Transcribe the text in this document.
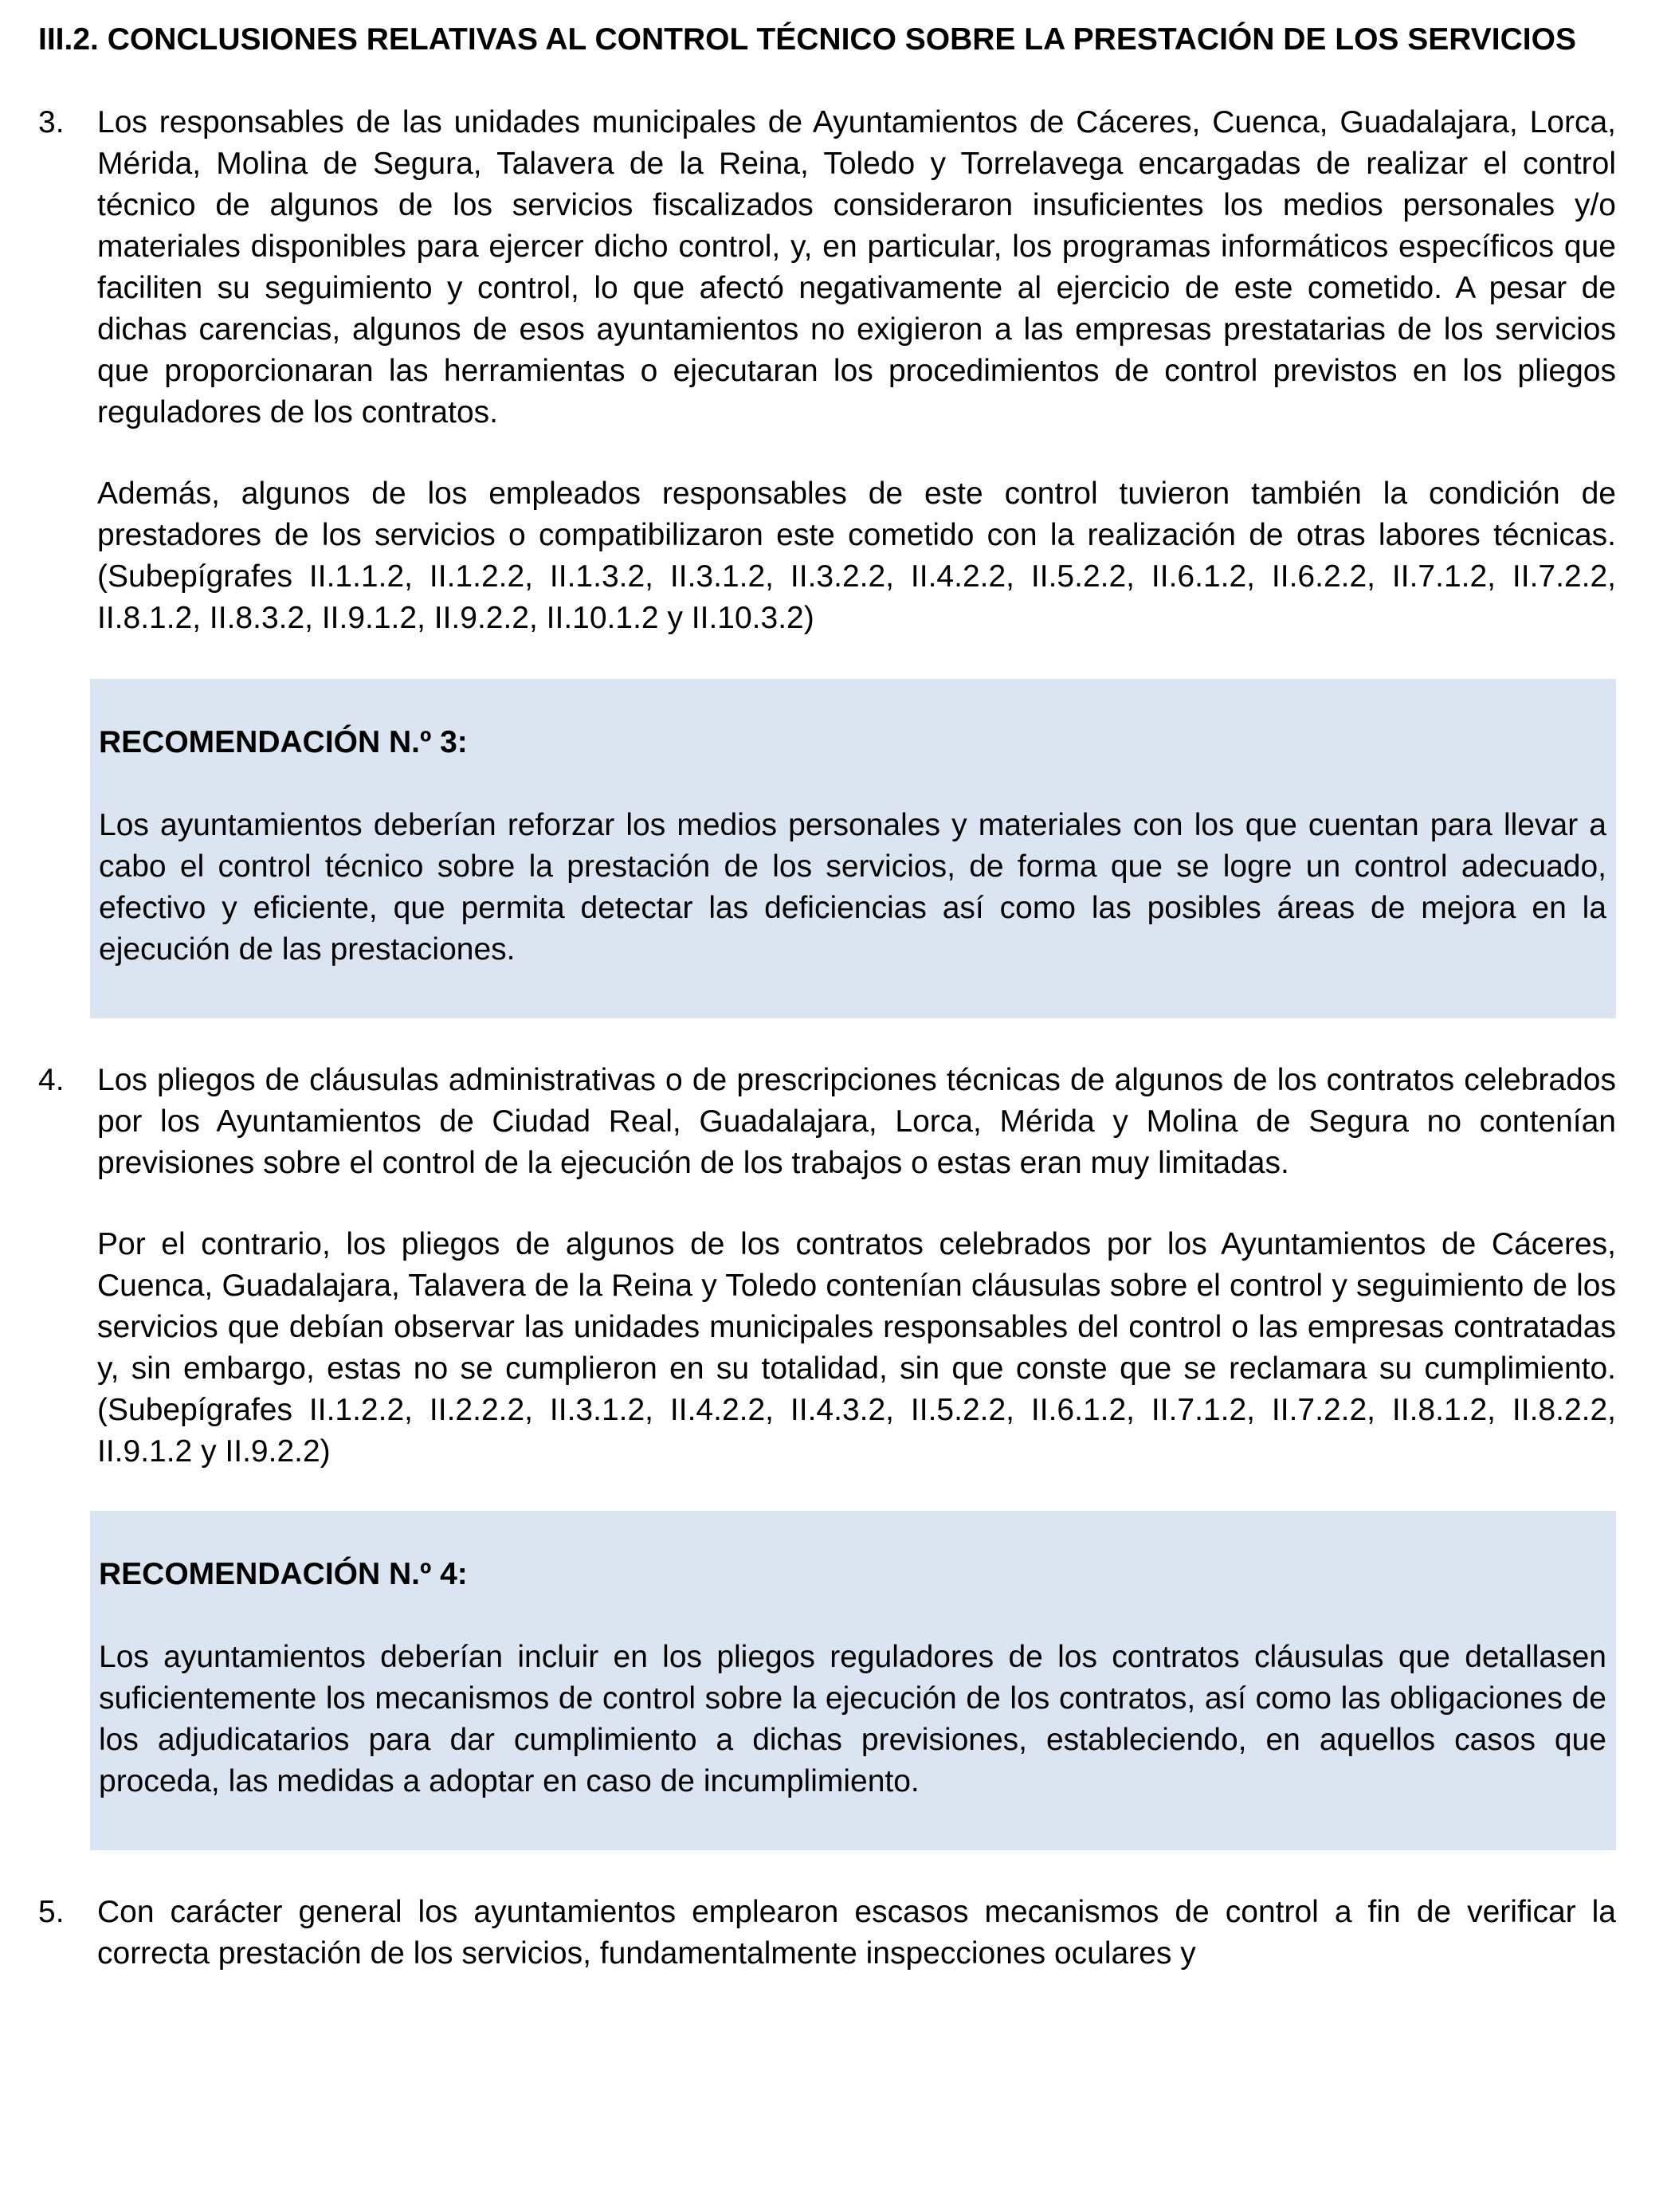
III.2. CONCLUSIONES RELATIVAS AL CONTROL TÉCNICO SOBRE LA PRESTACIÓN DE LOS SERVICIOS
3. Los responsables de las unidades municipales de Ayuntamientos de Cáceres, Cuenca, Guadalajara, Lorca, Mérida, Molina de Segura, Talavera de la Reina, Toledo y Torrelavega encargadas de realizar el control técnico de algunos de los servicios fiscalizados consideraron insuficientes los medios personales y/o materiales disponibles para ejercer dicho control, y, en particular, los programas informáticos específicos que faciliten su seguimiento y control, lo que afectó negativamente al ejercicio de este cometido. A pesar de dichas carencias, algunos de esos ayuntamientos no exigieron a las empresas prestatarias de los servicios que proporcionaran las herramientas o ejecutaran los procedimientos de control previstos en los pliegos reguladores de los contratos.

Además, algunos de los empleados responsables de este control tuvieron también la condición de prestadores de los servicios o compatibilizaron este cometido con la realización de otras labores técnicas. (Subepígrafes II.1.1.2, II.1.2.2, II.1.3.2, II.3.1.2, II.3.2.2, II.4.2.2, II.5.2.2, II.6.1.2, II.6.2.2, II.7.1.2, II.7.2.2, II.8.1.2, II.8.3.2, II.9.1.2, II.9.2.2, II.10.1.2 y II.10.3.2)

RECOMENDACIÓN N.º 3:

Los ayuntamientos deberían reforzar los medios personales y materiales con los que cuentan para llevar a cabo el control técnico sobre la prestación de los servicios, de forma que se logre un control adecuado, efectivo y eficiente, que permita detectar las deficiencias así como las posibles áreas de mejora en la ejecución de las prestaciones.

4. Los pliegos de cláusulas administrativas o de prescripciones técnicas de algunos de los contratos celebrados por los Ayuntamientos de Ciudad Real, Guadalajara, Lorca, Mérida y Molina de Segura no contenían previsiones sobre el control de la ejecución de los trabajos o estas eran muy limitadas.

Por el contrario, los pliegos de algunos de los contratos celebrados por los Ayuntamientos de Cáceres, Cuenca, Guadalajara, Talavera de la Reina y Toledo contenían cláusulas sobre el control y seguimiento de los servicios que debían observar las unidades municipales responsables del control o las empresas contratadas y, sin embargo, estas no se cumplieron en su totalidad, sin que conste que se reclamara su cumplimiento. (Subepígrafes II.1.2.2, II.2.2.2, II.3.1.2, II.4.2.2, II.4.3.2, II.5.2.2, II.6.1.2, II.7.1.2, II.7.2.2, II.8.1.2, II.8.2.2, II.9.1.2 y II.9.2.2)

RECOMENDACIÓN N.º 4:

Los ayuntamientos deberían incluir en los pliegos reguladores de los contratos cláusulas que detallasen suficientemente los mecanismos de control sobre la ejecución de los contratos, así como las obligaciones de los adjudicatarios para dar cumplimiento a dichas previsiones, estableciendo, en aquellos casos que proceda, las medidas a adoptar en caso de incumplimiento.

5. Con carácter general los ayuntamientos emplearon escasos mecanismos de control a fin de verificar la correcta prestación de los servicios, fundamentalmente inspecciones oculares y
